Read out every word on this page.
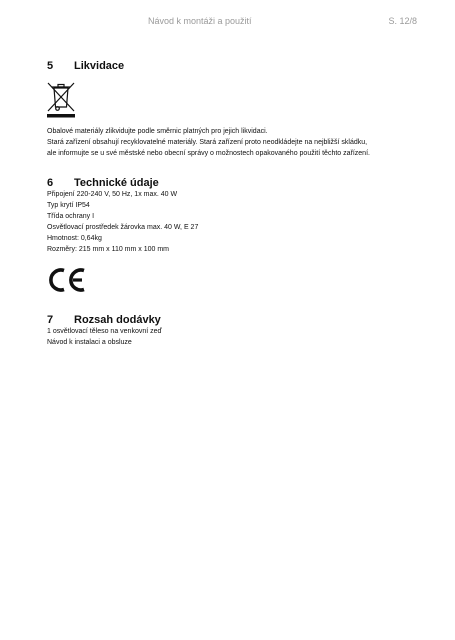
Návod k montáži a použití	S. 12/8
5 Likvidace
Obalové materiály zlikvidujte podle směrnic platných pro jejich likvidaci.
Stará zařízení obsahují recyklovatelné materiály. Stará zařízení proto neodkládejte na nejbližší skládku,
ale informujte se u své městské nebo obecní správy o možnostech opakovaného použití těchto zařízení.
6 Technické údaje
Připojení 220-240 V, 50 Hz, 1x max. 40 W
Typ krytí IP54
Třída ochrany I
Osvětlovací prostředek žárovka max. 40 W, E 27
Hmotnost: 0,64kg
Rozměry: 215 mm x 110 mm x 100 mm
7 Rozsah dodávky
1 osvětlovací těleso na venkovní zeď
Návod k instalaci a obsluze
